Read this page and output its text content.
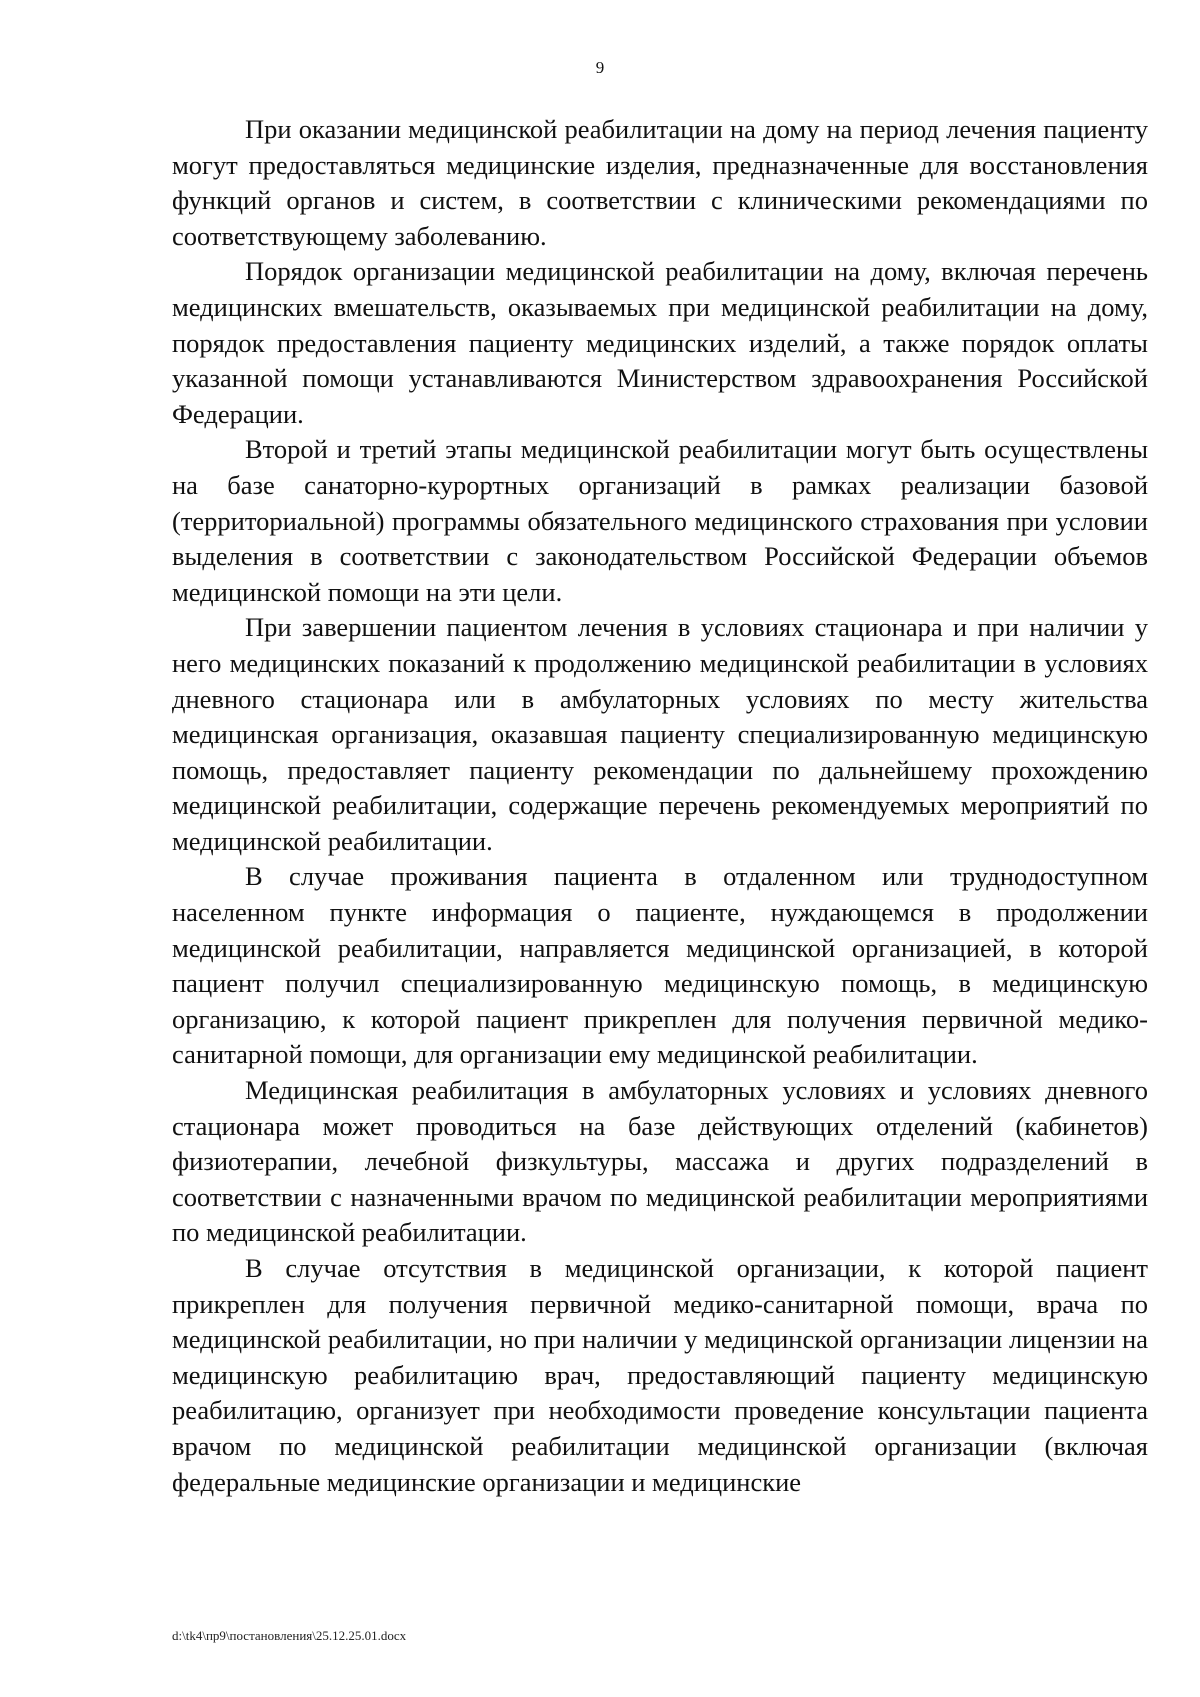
9

При оказании медицинской реабилитации на дому на период лечения пациенту могут предоставляться медицинские изделия, предназначенные для восстановления функций органов и систем, в соответствии с клиническими рекомендациями по соответствующему заболеванию.

Порядок организации медицинской реабилитации на дому, включая перечень медицинских вмешательств, оказываемых при медицинской реабилитации на дому, порядок предоставления пациенту медицинских изделий, а также порядок оплаты указанной помощи устанавливаются Министерством здравоохранения Российской Федерации.

Второй и третий этапы медицинской реабилитации могут быть осуществлены на базе санаторно-курортных организаций в рамках реализации базовой (территориальной) программы обязательного медицинского страхования при условии выделения в соответствии с законодательством Российской Федерации объемов медицинской помощи на эти цели.

При завершении пациентом лечения в условиях стационара и при наличии у него медицинских показаний к продолжению медицинской реабилитации в условиях дневного стационара или в амбулаторных условиях по месту жительства медицинская организация, оказавшая пациенту специализированную медицинскую помощь, предоставляет пациенту рекомендации по дальнейшему прохождению медицинской реабилитации, содержащие перечень рекомендуемых мероприятий по медицинской реабилитации.

В случае проживания пациента в отдаленном или труднодоступном населенном пункте информация о пациенте, нуждающемся в продолжении медицинской реабилитации, направляется медицинской организацией, в которой пациент получил специализированную медицинскую помощь, в медицинскую организацию, к которой пациент прикреплен для получения первичной медико-санитарной помощи, для организации ему медицинской реабилитации.

Медицинская реабилитация в амбулаторных условиях и условиях дневного стационара может проводиться на базе действующих отделений (кабинетов) физиотерапии, лечебной физкультуры, массажа и других подразделений в соответствии с назначенными врачом по медицинской реабилитации мероприятиями по медицинской реабилитации.

В случае отсутствия в медицинской организации, к которой пациент прикреплен для получения первичной медико-санитарной помощи, врача по медицинской реабилитации, но при наличии у медицинской организации лицензии на медицинскую реабилитацию врач, предоставляющий пациенту медицинскую реабилитацию, организует при необходимости проведение консультации пациента врачом по медицинской реабилитации медицинской организации (включая федеральные медицинские организации и медицинские

d:\tk4\пр9\постановления\25.12.25.01.docx
